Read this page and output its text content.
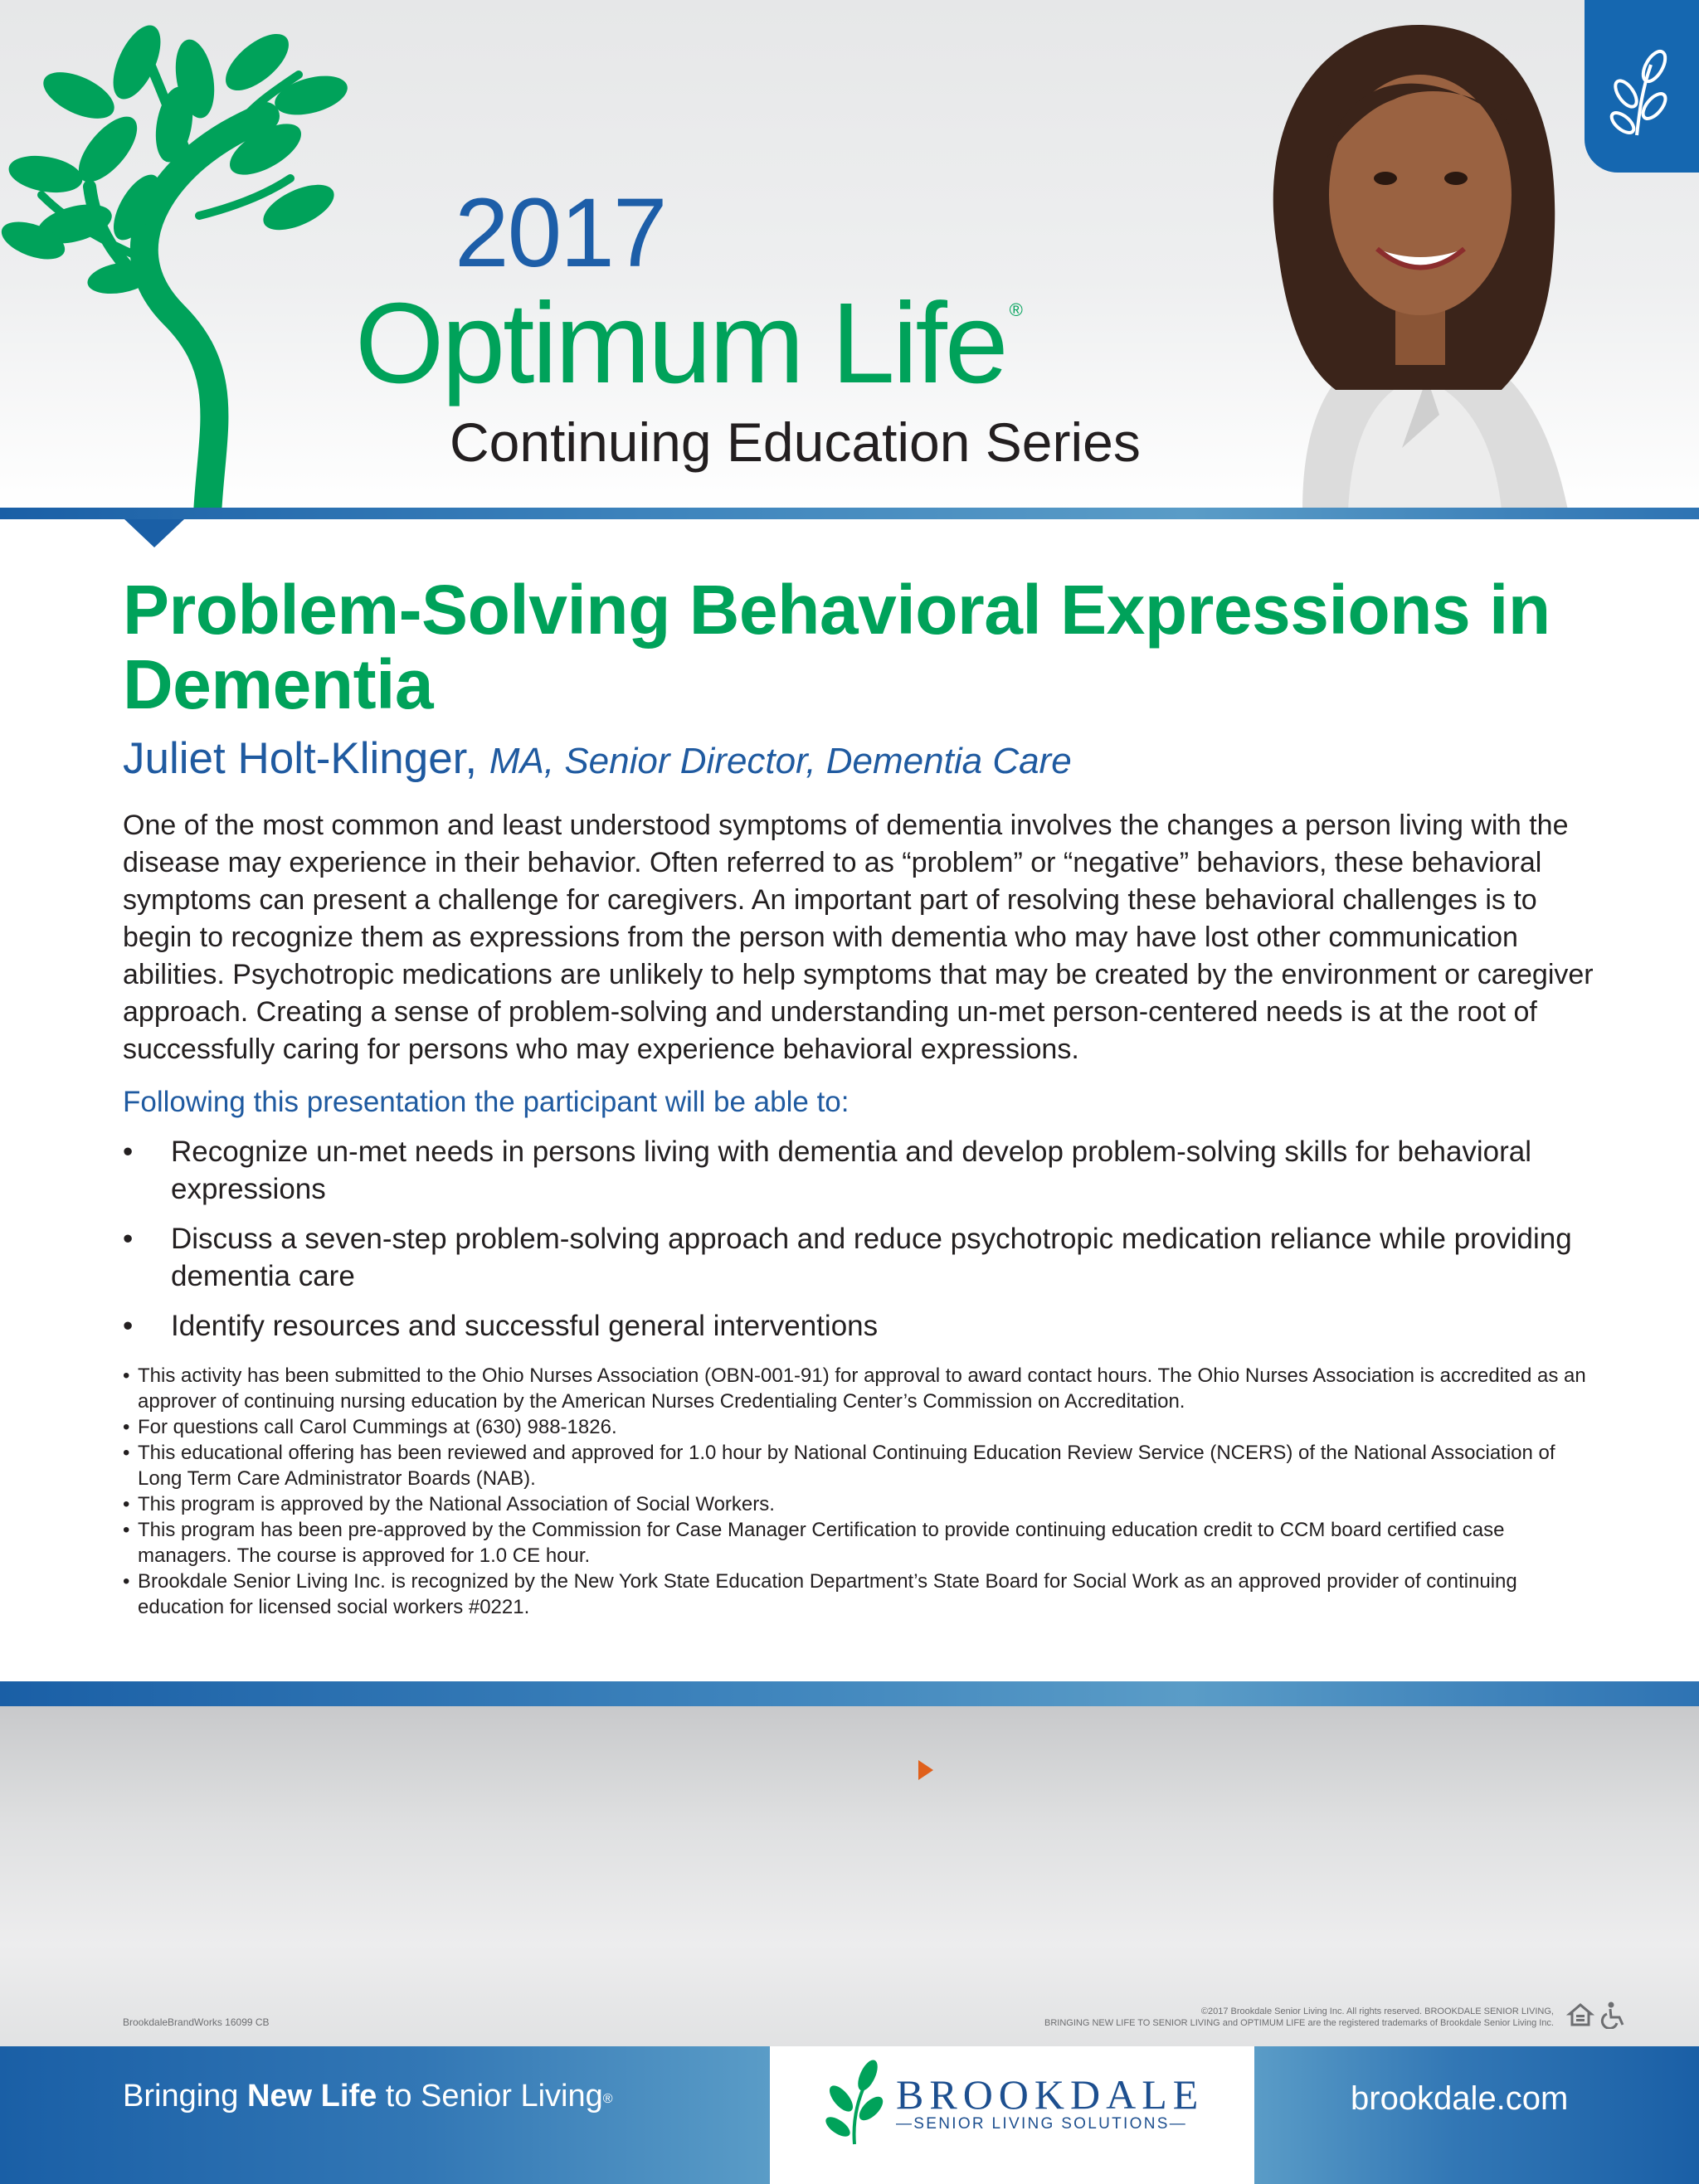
2017
Optimum Life ®
Continuing Education Series
Problem-Solving Behavioral Expressions in Dementia
Juliet Holt-Klinger, MA, Senior Director, Dementia Care

One of the most common and least understood symptoms of dementia involves the changes a person living with the disease may experience in their behavior. Often referred to as “problem” or “negative” behaviors, these behavioral symptoms can present a challenge for caregivers. An important part of resolving these behavioral challenges is to begin to recognize them as expressions from the person with dementia who may have lost other communication abilities. Psychotropic medications are unlikely to help symptoms that may be created by the environment or caregiver approach. Creating a sense of problem-solving and understanding un-met person-centered needs is at the root of successfully caring for persons who may experience behavioral expressions.

Following this presentation the participant will be able to:

• Recognize un-met needs in persons living with dementia and develop problem-solving skills for behavioral expressions
• Discuss a seven-step problem-solving approach and reduce psychotropic medication reliance while providing dementia care
• Identify resources and successful general interventions
• This activity has been submitted to the Ohio Nurses Association (OBN-001-91) for approval to award contact hours. The Ohio Nurses Association is accredited as an approver of continuing nursing education by the American Nurses Credentialing Center’s Commission on Accreditation.
• For questions call Carol Cummings at (630) 988-1826.
• This educational offering has been reviewed and approved for 1.0 hour by National Continuing Education Review Service (NCERS) of the National Association of Long Term Care Administrator Boards (NAB).
• This program is approved by the National Association of Social Workers.
• This program has been pre-approved by the Commission for Case Manager Certification to provide continuing education credit to CCM board certified case managers. The course is approved for 1.0 CE hour.
• Brookdale Senior Living Inc. is recognized by the New York State Education Department’s State Board for Social Work as an approved provider of continuing education for licensed social workers #0221.
BrookdaleBrandWorks 16099 CB
©2017 Brookdale Senior Living Inc. All rights reserved. BROOKDALE SENIOR LIVING,
BRINGING NEW LIFE TO SENIOR LIVING and OPTIMUM LIFE are the registered trademarks of Brookdale Senior Living Inc.
Bringing New Life to Senior Living®	BROOKDALE
—SENIOR LIVING SOLUTIONS—
brookdale.com
